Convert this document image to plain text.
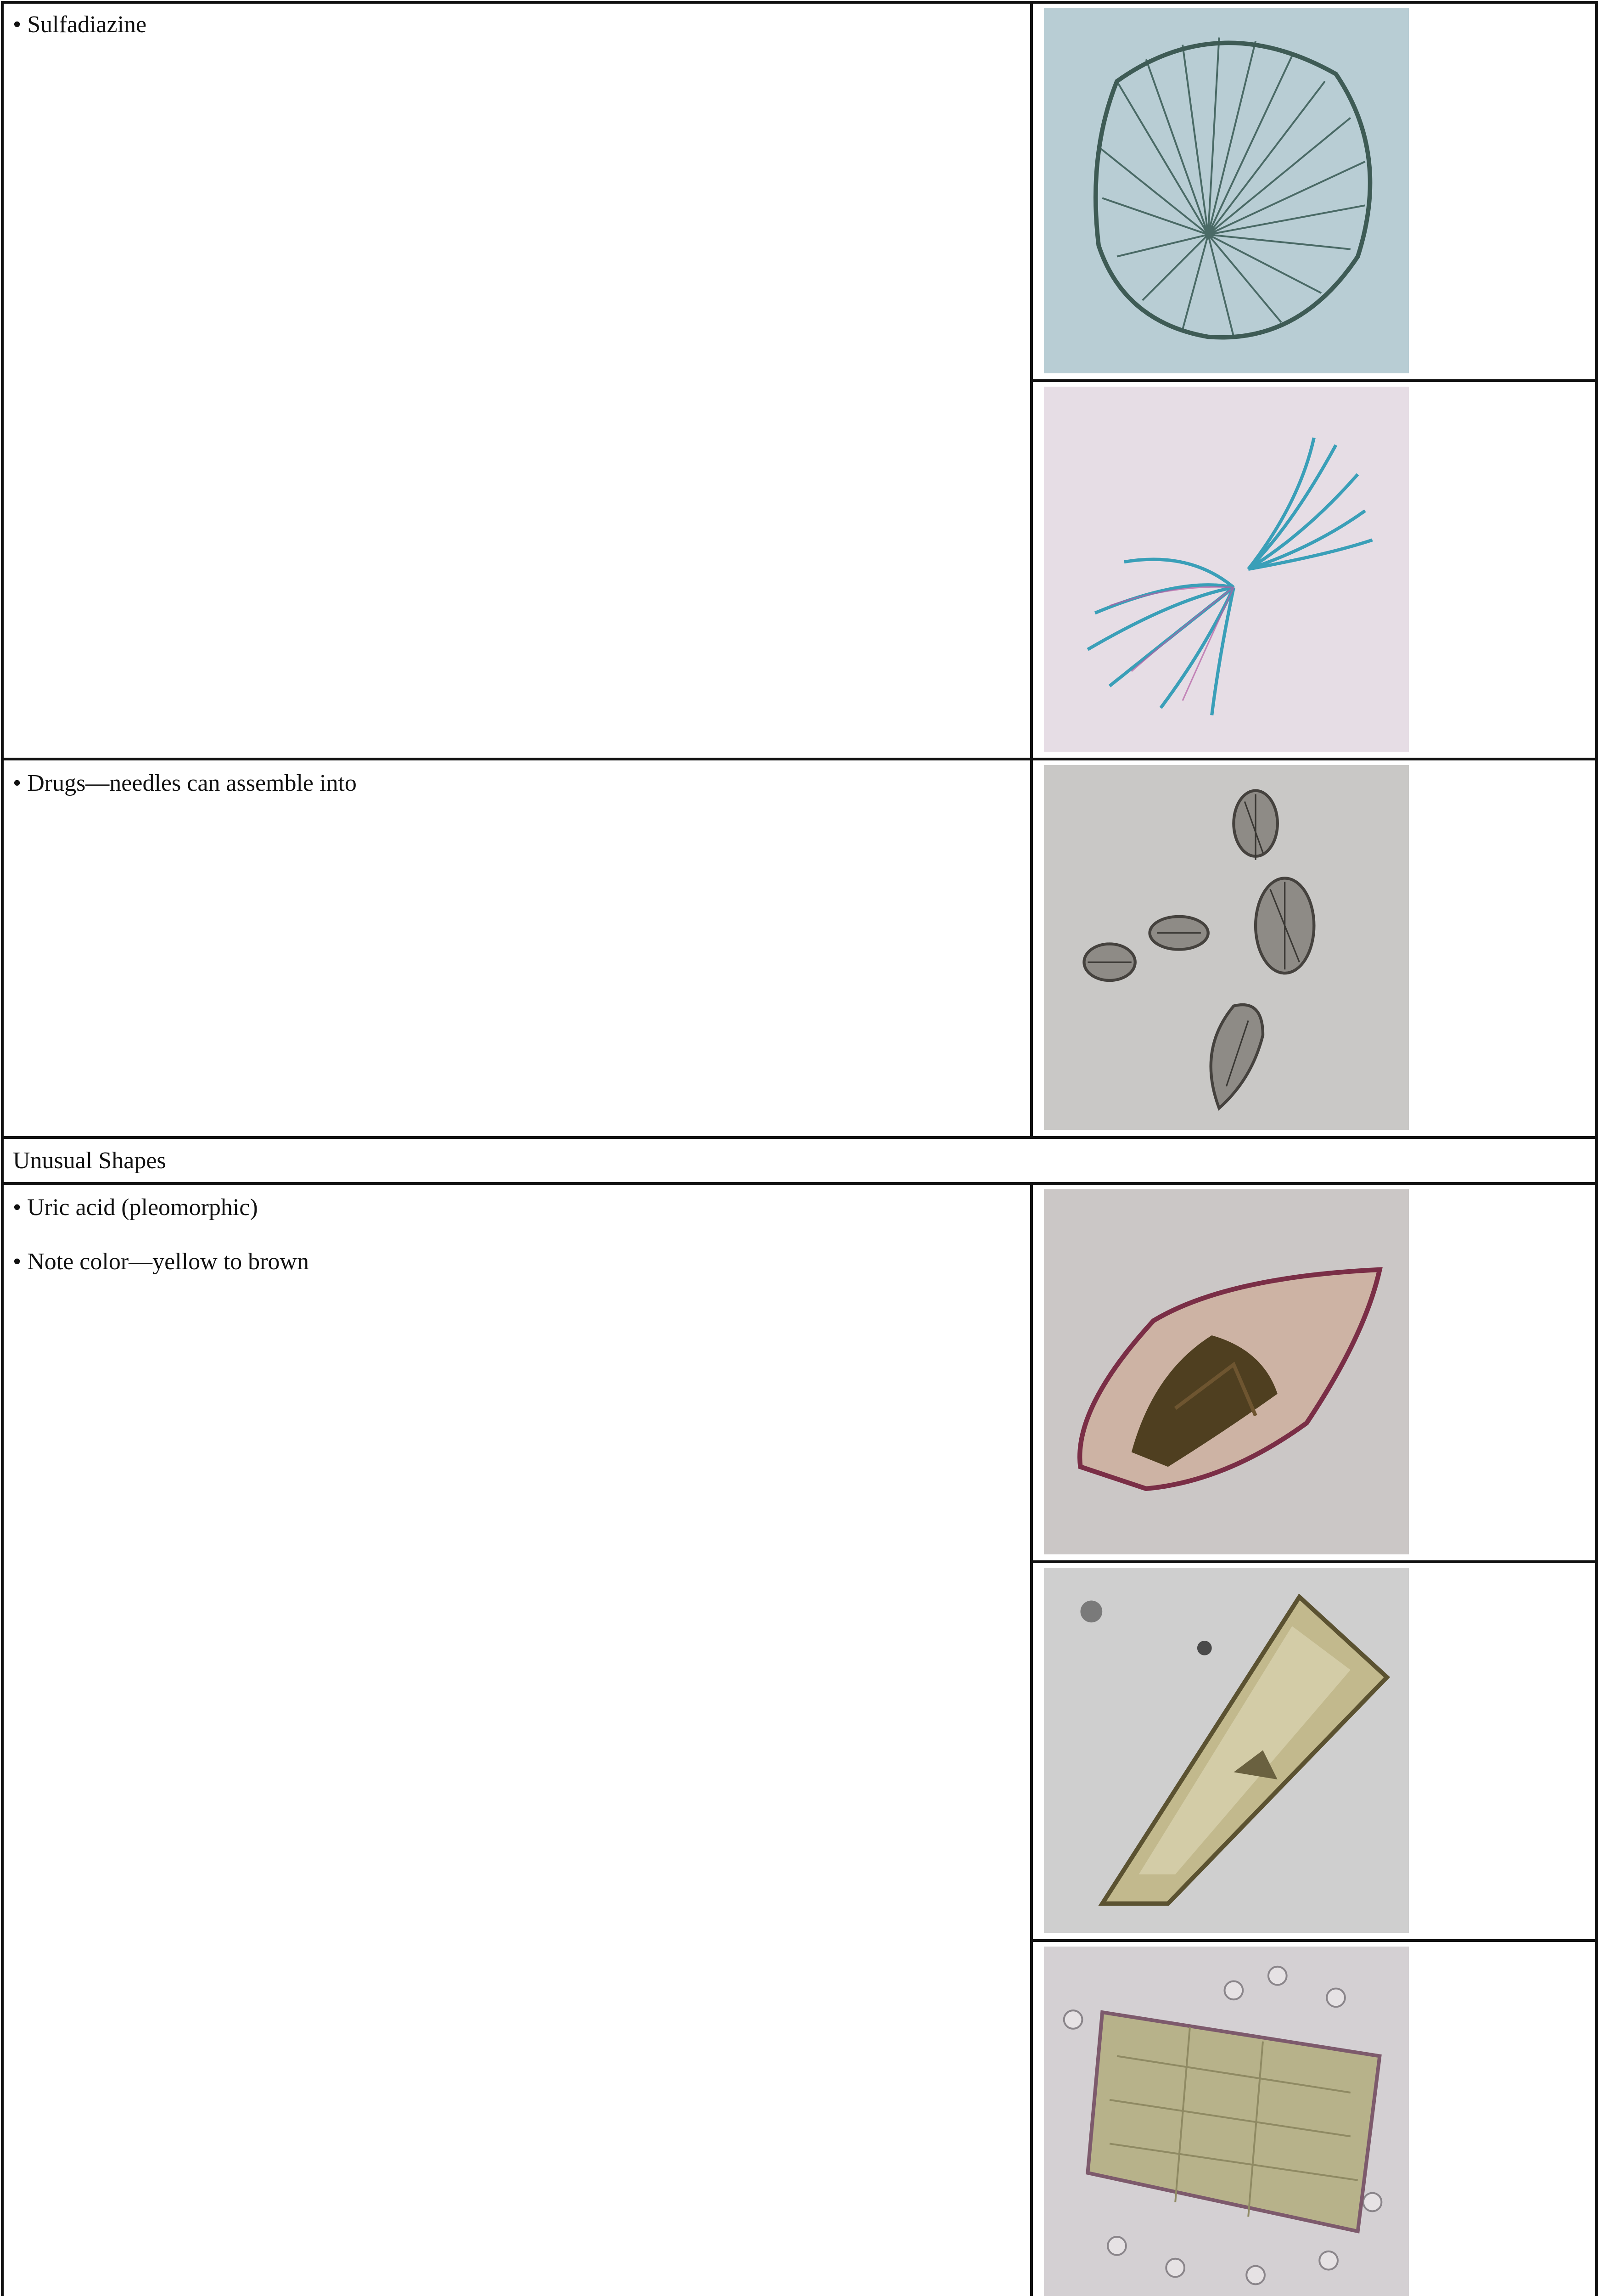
• Sulfadiazine
• Drugs—needles can assemble into
Unusual Shapes
• Uric acid (pleomorphic)
• Note color—yellow to brown
